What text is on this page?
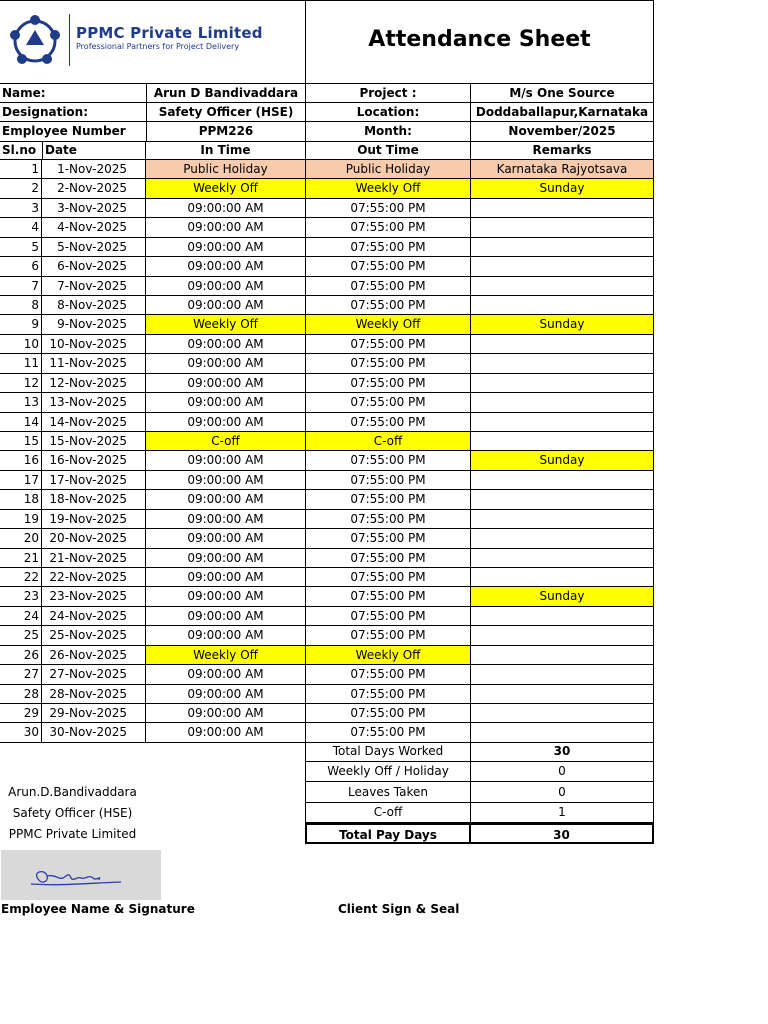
PPMC Private Limited
Professional Partners for Project Delivery	Attendance Sheet
Name:	Arun D Bandivaddara	Project :	M/s One Source
Designation:	Safety Officer (HSE)	Location:	Doddaballapur,Karnataka
Employee Number	PPM226	Month:	November/2025
Sl.no Date	In Time	Out Time	Remarks
1	1-Nov-2025	Public Holiday	Public Holiday	Karnataka Rajyotsava
2	2-Nov-2025	Weekly Off	Weekly Off	Sunday
3	3-Nov-2025	09:00:00 AM	07:55:00 PM
4	4-Nov-2025	09:00:00 AM	07:55:00 PM
5	5-Nov-2025	09:00:00 AM	07:55:00 PM
6	6-Nov-2025	09:00:00 AM	07:55:00 PM
7	7-Nov-2025	09:00:00 AM	07:55:00 PM
8	8-Nov-2025	09:00:00 AM	07:55:00 PM
9	9-Nov-2025	Weekly Off	Weekly Off	Sunday
10 10-Nov-2025	09:00:00 AM	07:55:00 PM
11 11-Nov-2025	09:00:00 AM	07:55:00 PM
12 12-Nov-2025	09:00:00 AM	07:55:00 PM
13 13-Nov-2025	09:00:00 AM	07:55:00 PM
14 14-Nov-2025	09:00:00 AM	07:55:00 PM
15 15-Nov-2025	C-off	C-off
16 16-Nov-2025	09:00:00 AM	07:55:00 PM	Sunday
17 17-Nov-2025	09:00:00 AM	07:55:00 PM
18 18-Nov-2025	09:00:00 AM	07:55:00 PM
19 19-Nov-2025	09:00:00 AM	07:55:00 PM
20 20-Nov-2025	09:00:00 AM	07:55:00 PM
21 21-Nov-2025	09:00:00 AM	07:55:00 PM
22 22-Nov-2025	09:00:00 AM	07:55:00 PM
23 23-Nov-2025	09:00:00 AM	07:55:00 PM	Sunday
24 24-Nov-2025	09:00:00 AM	07:55:00 PM
25 25-Nov-2025	09:00:00 AM	07:55:00 PM
26 26-Nov-2025	Weekly Off	Weekly Off
27 27-Nov-2025	09:00:00 AM	07:55:00 PM
28 28-Nov-2025	09:00:00 AM	07:55:00 PM
29 29-Nov-2025	09:00:00 AM	07:55:00 PM
30 30-Nov-2025	09:00:00 AM	07:55:00 PM
Total Days Worked	30
Weekly Off / Holiday	0
Leaves Taken	0
C-off	1
Total Pay Days	30
Arun.D.Bandivaddara
Safety Officer (HSE)
PPMC Private Limited
Employee Name & Signature	Client Sign & Seal
